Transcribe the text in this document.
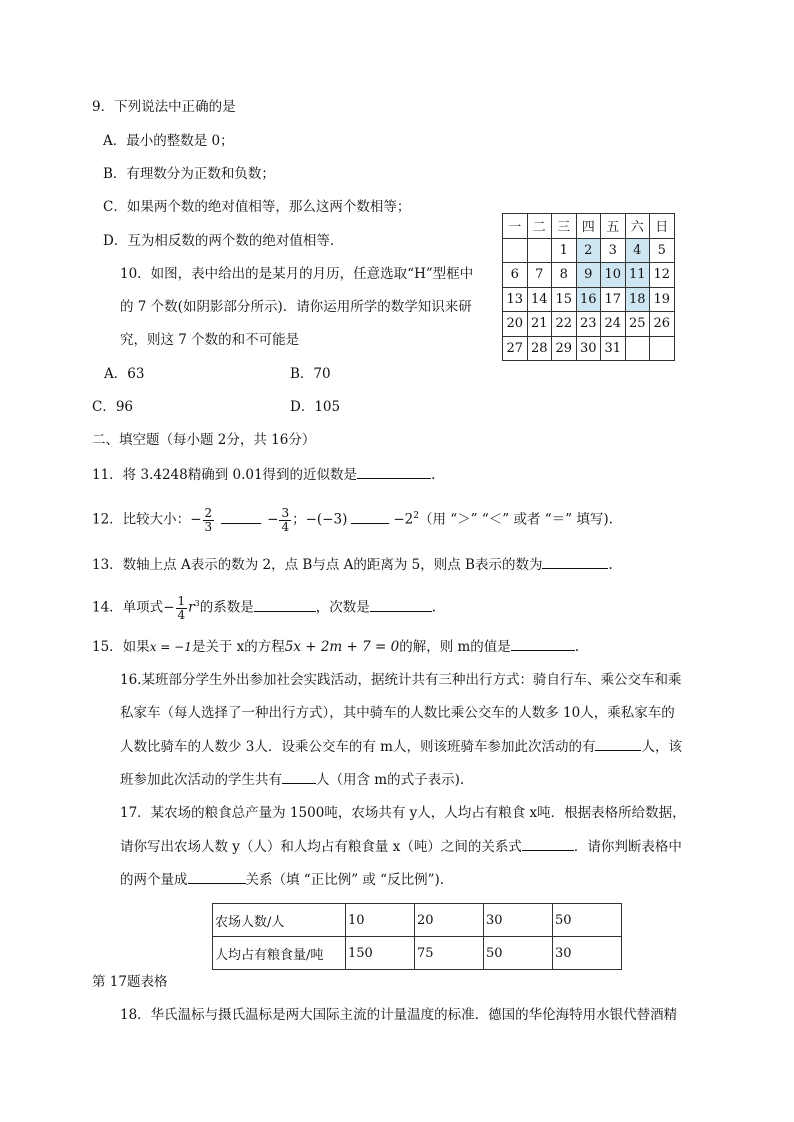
9．下列说法中正确的是
A．最小的整数是 0；
B．有理数分为正数和负数；
C．如果两个数的绝对值相等，那么这两个数相等；
D．互为相反数的两个数的绝对值相等.
10．如图，表中给出的是某月的月历，任意选取“H”型框中
的 7 个数(如阴影部分所示)．请你运用所学的数学知识来研
究，则这 7 个数的和不可能是
A．63	B．70
C．96	D．105
一	二	三	四	五	六	日
		1	2	3	4	5
6	7	8	9	10	11	12
13	14	15	16	17	18	19
20	21	22	23	24	25	26
27	28	29	30	31		
二、填空题（每小题 2分，共 16分）
11．将 3.4248精确到 0.01得到的近似数是	.
12．比较大小：− $\frac{2}{3}$	− $\frac{3}{4}$ ；−(−3)	$-2^2$（用 “＞” “＜” 或者 “＝” 填写).
13．数轴上点 A表示的数为 2，点 B与点 A的距离为 5，则点 B表示的数为	.
14．单项式− $\frac{1}{4} r^3$的系数是	，次数是	.
15．如果x = −1是关于 x的方程5x + 2m + 7 = 0的解，则 m的值是	.
16.某班部分学生外出参加社会实践活动，据统计共有三种出行方式：骑自行车、乘公交车和乘
私家车（每人选择了一种出行方式），其中骑车的人数比乘公交车的人数多 10人，乘私家车的
人数比骑车的人数少 3人．设乘公交车的有 m人，则该班骑车参加此次活动的有	人，该
班参加此次活动的学生共有	人（用含 m的式子表示).
17．某农场的粮食总产量为 1500吨，农场共有 y人，人均占有粮食 x吨．根据表格所给数据，
请你写出农场人数 y（人）和人均占有粮食量 x（吨）之间的关系式	．请你判断表格中
的两个量成	关系（填 “正比例” 或 “反比例”).
农场人数/人	10	20	30	50
人均占有粮食量/吨	150	75	50	30
第 17题表格
18．华氏温标与摄氏温标是两大国际主流的计量温度的标准．德国的华伦海特用水银代替酒精
